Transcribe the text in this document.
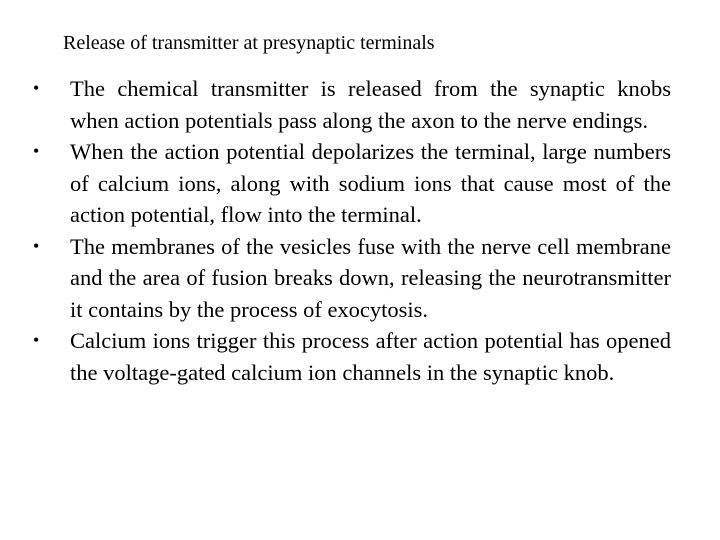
Release of transmitter at presynaptic terminals
•	The chemical transmitter is released from the synaptic knobs when action potentials pass along the axon to the nerve endings.
•	When the action potential depolarizes the terminal, large numbers of calcium ions, along with sodium ions that cause most of the action potential, flow into the terminal.
•	The membranes of the vesicles fuse with the nerve cell membrane and the area of fusion breaks down, releasing the neurotransmitter it contains by the process of exocytosis.
•	Calcium ions trigger this process after action potential has opened the voltage-gated calcium ion channels in the synaptic knob.
